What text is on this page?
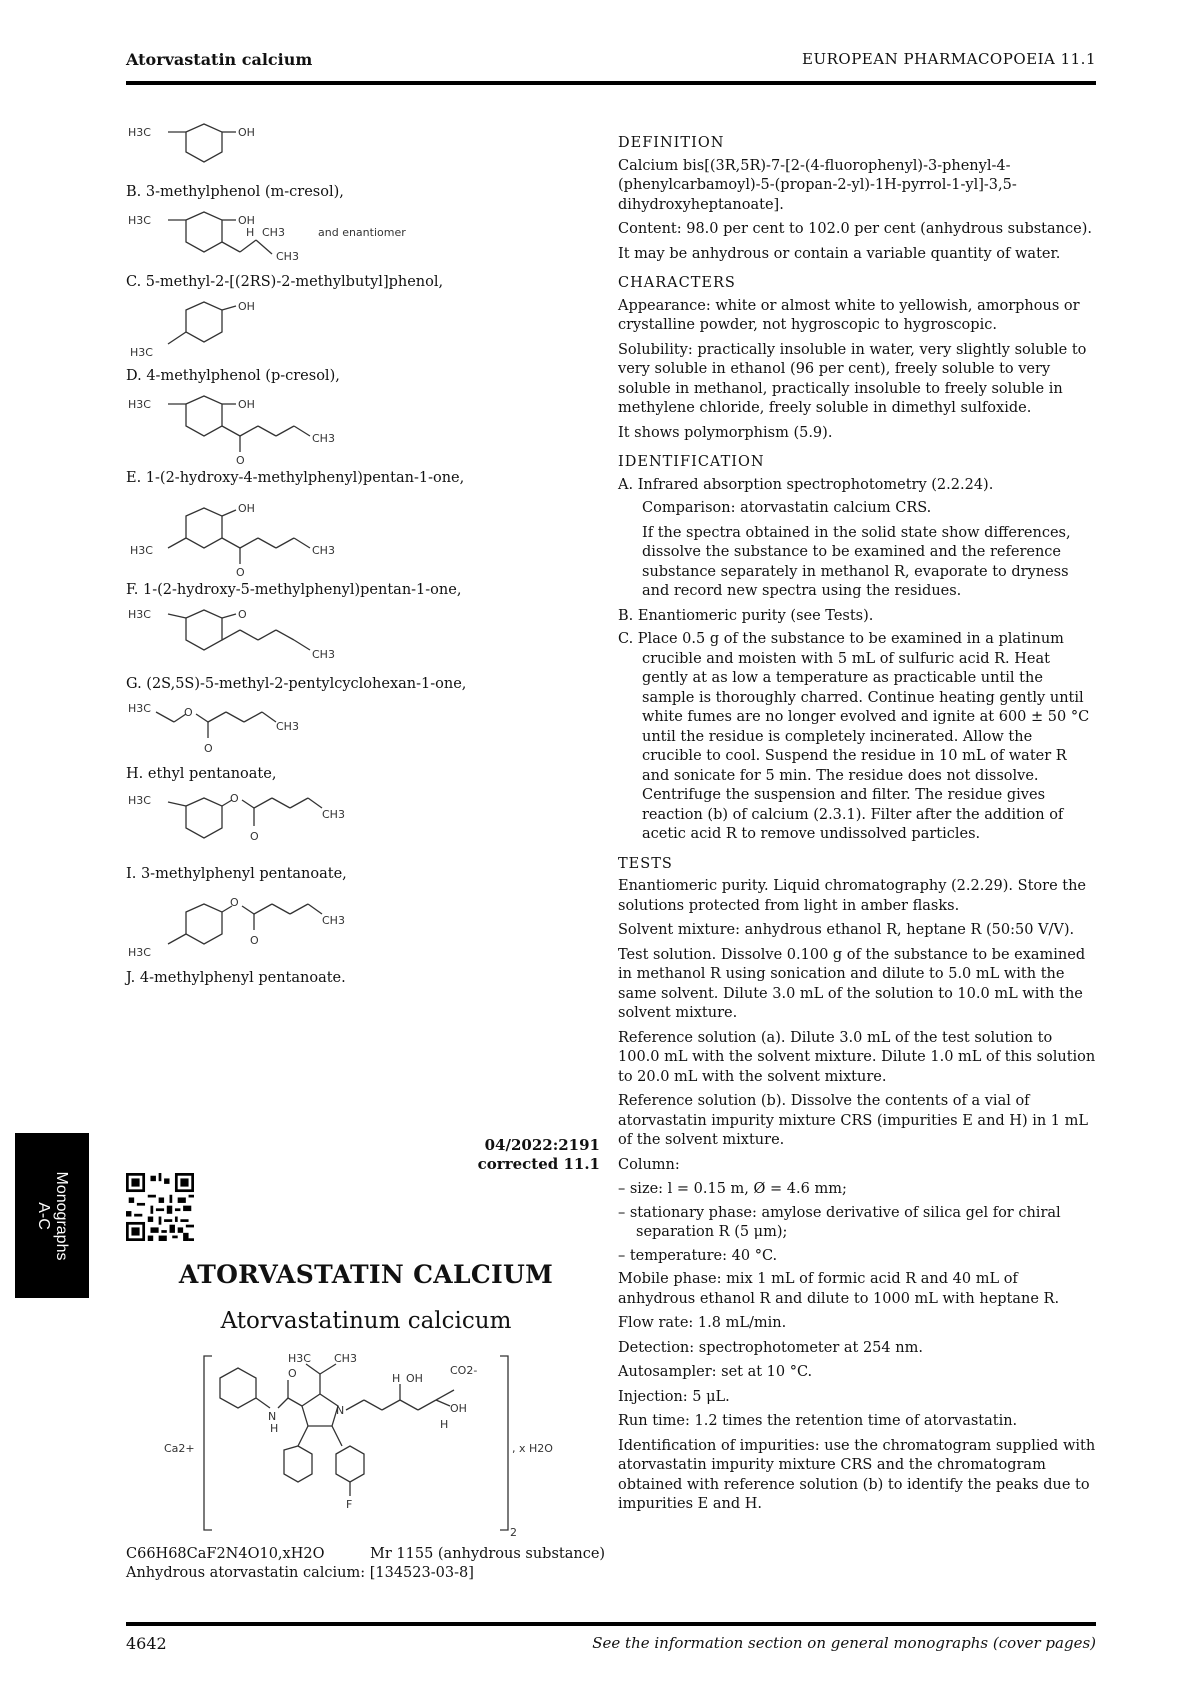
Atorvastatin calcium	EUROPEAN PHARMACOPOEIA 11.1
H3C	OH
B. 3-methylphenol (m-cresol),
H3C	OH
H CH3
CH3
and enantiomer
C. 5-methyl-2-[(2RS)-2-methylbutyl]phenol,
OH
H3C
D. 4-methylphenol (p-cresol),
H3C	OH
CH3
O
E. 1-(2-hydroxy-4-methylphenyl)pentan-1-one,
OH
H3C	CH3
O
F. 1-(2-hydroxy-5-methylphenyl)pentan-1-one,
H3C	O
CH3
G. (2S,5S)-5-methyl-2-pentylcyclohexan-1-one,
H3C	O
CH3
O
H. ethyl pentanoate,
H3C	O
CH3
O
I. 3-methylphenyl pentanoate,
O
CH3
H3C
O
J. 4-methylphenyl pentanoate.
Monographs
A-C
04/2022:2191
corrected 11.1
ATORVASTATIN CALCIUM
Atorvastatinum calcicum
O
N
H
N
H3C CH3
H OH
OH
H
CO2-
Ca2+
F
, x H2O
2
C66H68CaF2N4O10,xH2O	Mr 1155 (anhydrous substance)
Anhydrous atorvastatin calcium: [134523-03-8]
DEFINITION

Calcium bis[(3R,5R)-7-[2-(4-fluorophenyl)-3-phenyl-4-(phenylcarbamoyl)-5-(propan-2-yl)-1H-pyrrol-1-yl]-3,5-dihydroxyheptanoate].

Content: 98.0 per cent to 102.0 per cent (anhydrous substance).

It may be anhydrous or contain a variable quantity of water.

CHARACTERS

Appearance: white or almost white to yellowish, amorphous or crystalline powder, not hygroscopic to hygroscopic.

Solubility: practically insoluble in water, very slightly soluble to very soluble in ethanol (96 per cent), freely soluble to very soluble in methanol, practically insoluble to freely soluble in methylene chloride, freely soluble in dimethyl sulfoxide.

It shows polymorphism (5.9).

IDENTIFICATION

A. Infrared absorption spectrophotometry (2.2.24).

Comparison: atorvastatin calcium CRS.

If the spectra obtained in the solid state show differences, dissolve the substance to be examined and the reference substance separately in methanol R, evaporate to dryness and record new spectra using the residues.

B. Enantiomeric purity (see Tests).

C. Place 0.5 g of the substance to be examined in a platinum crucible and moisten with 5 mL of sulfuric acid R. Heat gently at as low a temperature as practicable until the sample is thoroughly charred. Continue heating gently until white fumes are no longer evolved and ignite at 600 ± 50 °C until the residue is completely incinerated. Allow the crucible to cool. Suspend the residue in 10 mL of water R and sonicate for 5 min. The residue does not dissolve. Centrifuge the suspension and filter. The residue gives reaction (b) of calcium (2.3.1). Filter after the addition of acetic acid R to remove undissolved particles.

TESTS

Enantiomeric purity. Liquid chromatography (2.2.29). Store the solutions protected from light in amber flasks.

Solvent mixture: anhydrous ethanol R, heptane R (50:50 V/V).

Test solution. Dissolve 0.100 g of the substance to be examined in methanol R using sonication and dilute to 5.0 mL with the same solvent. Dilute 3.0 mL of the solution to 10.0 mL with the solvent mixture.

Reference solution (a). Dilute 3.0 mL of the test solution to 100.0 mL with the solvent mixture. Dilute 1.0 mL of this solution to 20.0 mL with the solvent mixture.

Reference solution (b). Dissolve the contents of a vial of atorvastatin impurity mixture CRS (impurities E and H) in 1 mL of the solvent mixture.

Column:

– size: l = 0.15 m, Ø = 4.6 mm;

– stationary phase: amylose derivative of silica gel for chiral separation R (5 μm);

– temperature: 40 °C.

Mobile phase: mix 1 mL of formic acid R and 40 mL of anhydrous ethanol R and dilute to 1000 mL with heptane R.

Flow rate: 1.8 mL/min.

Detection: spectrophotometer at 254 nm.

Autosampler: set at 10 °C.

Injection: 5 μL.

Run time: 1.2 times the retention time of atorvastatin.

Identification of impurities: use the chromatogram supplied with atorvastatin impurity mixture CRS and the chromatogram obtained with reference solution (b) to identify the peaks due to impurities E and H.

4642	See the information section on general monographs (cover pages)
